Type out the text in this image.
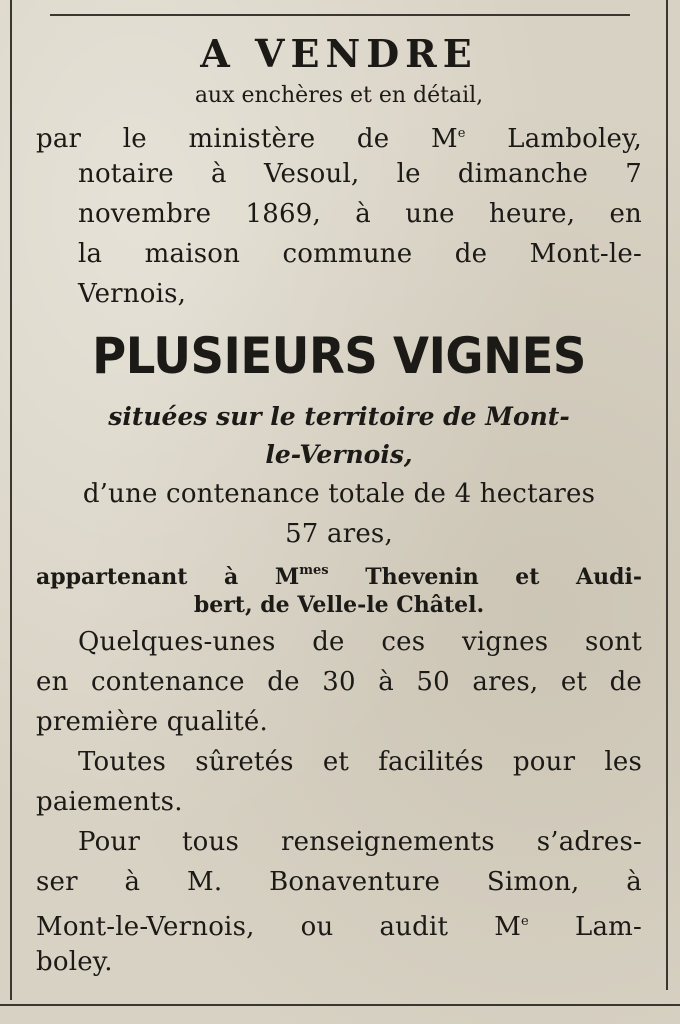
A VENDRE
aux enchères et en détail,
par le ministère de Me Lamboley,
notaire à Vesoul, le dimanche 7
novembre 1869, à une heure, en
la maison commune de Mont-le-
Vernois,
PLUSIEURS VIGNES
situées sur le territoire de Mont-
le-Vernois,
d’une contenance totale de 4 hectares
57 ares,
appartenant à $M^{mes}$ Thevenin et Audi-
bert, de Velle-le Châtel.
Quelques-unes de ces vignes sont
en contenance de 30 à 50 ares, et de
première qualité.
Toutes sûretés et facilités pour les
paiements.
Pour tous renseignements s’adres-
ser à M. Bonaventure Simon, à
Mont-le-Vernois, ou audit Me Lam-
boley.
